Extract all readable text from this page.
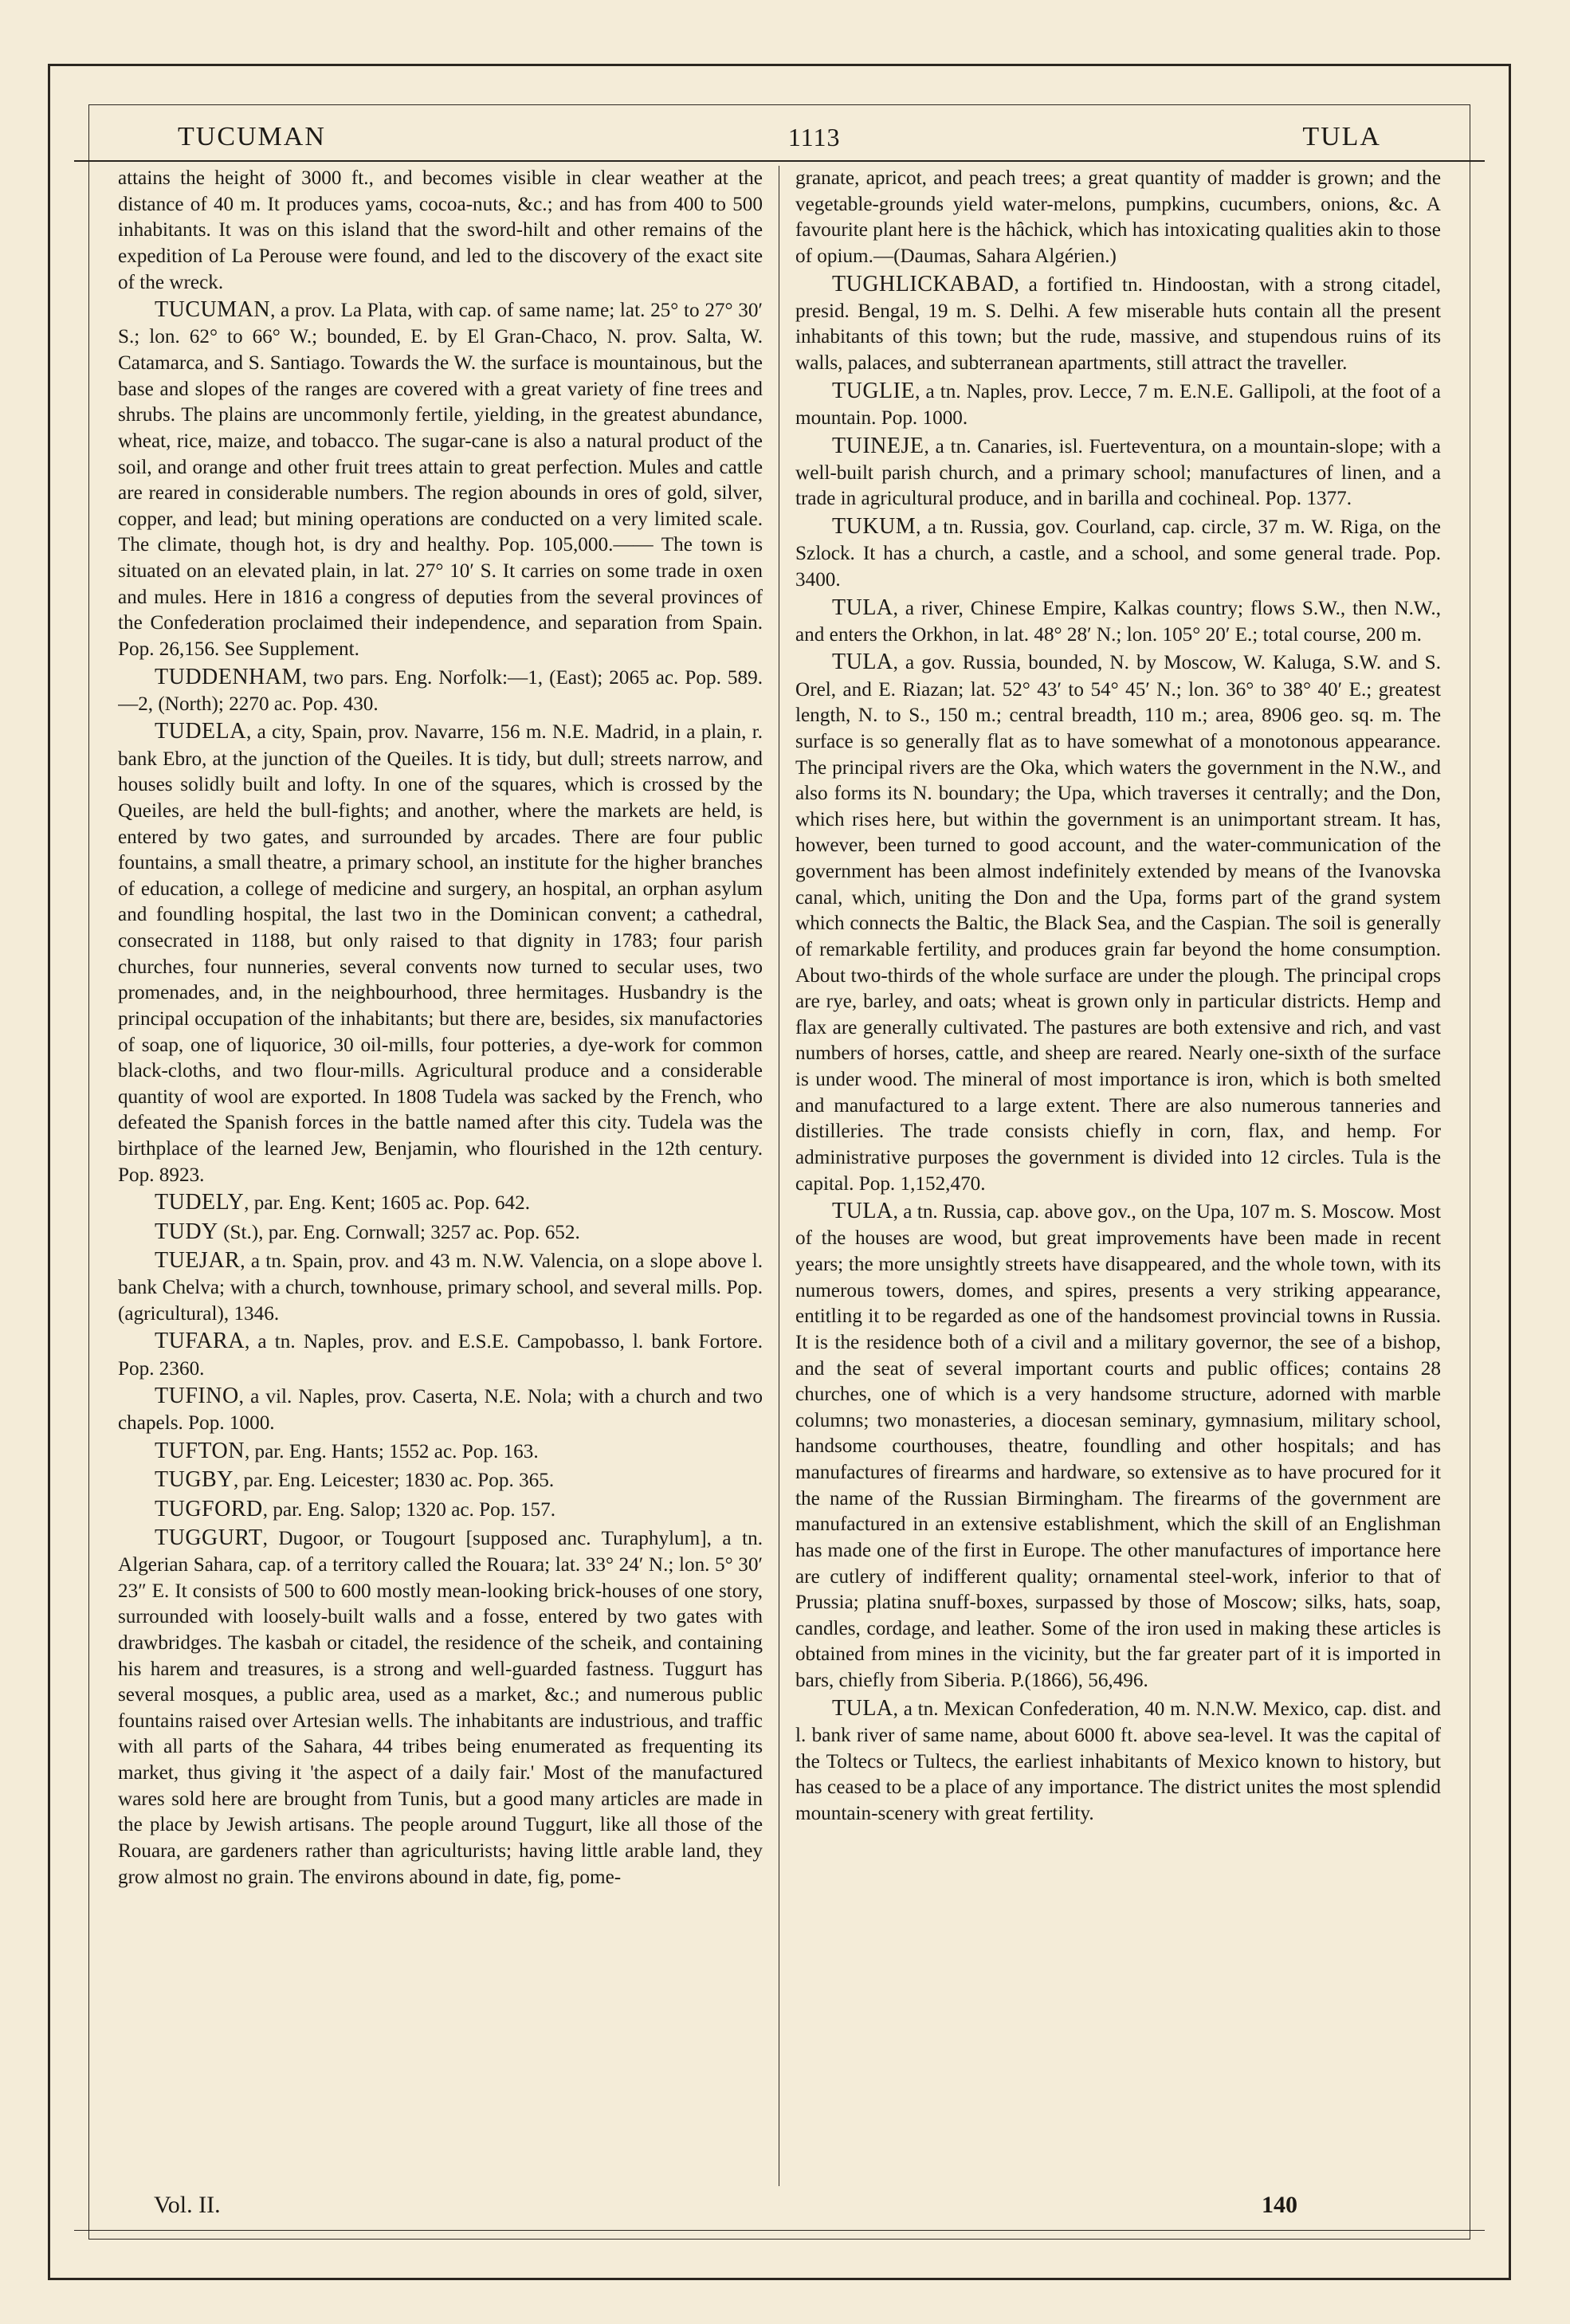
TUCUMAN	1113	TULA

attains the height of 3000 ft., and becomes visible in clear weather at the distance of 40 m. It produces yams, cocoa-nuts, &c.; and has from 400 to 500 inhabitants. It was on this island that the sword-hilt and other remains of the expedition of La Perouse were found, and led to the discovery of the exact site of the wreck.

TUCUMAN, a prov. La Plata, with cap. of same name; lat. 25° to 27° 30′ S.; lon. 62° to 66° W.; bounded, E. by El Gran-Chaco, N. prov. Salta, W. Catamarca, and S. Santiago. Towards the W. the surface is mountainous, but the base and slopes of the ranges are covered with a great variety of fine trees and shrubs. The plains are uncommonly fertile, yielding, in the greatest abundance, wheat, rice, maize, and tobacco. The sugar-cane is also a natural product of the soil, and orange and other fruit trees attain to great perfection. Mules and cattle are reared in considerable numbers. The region abounds in ores of gold, silver, copper, and lead; but mining operations are conducted on a very limited scale. The climate, though hot, is dry and healthy. Pop. 105,000.—— The town is situated on an elevated plain, in lat. 27° 10′ S. It carries on some trade in oxen and mules. Here in 1816 a congress of deputies from the several provinces of the Confederation proclaimed their independence, and separation from Spain. Pop. 26,156. See Supplement.

TUDDENHAM, two pars. Eng. Norfolk:—1, (East); 2065 ac. Pop. 589.—2, (North); 2270 ac. Pop. 430.

TUDELA, a city, Spain, prov. Navarre, 156 m. N.E. Madrid, in a plain, r. bank Ebro, at the junction of the Queiles. It is tidy, but dull; streets narrow, and houses solidly built and lofty. In one of the squares, which is crossed by the Queiles, are held the bull-fights; and another, where the markets are held, is entered by two gates, and surrounded by arcades. There are four public fountains, a small theatre, a primary school, an institute for the higher branches of education, a college of medicine and surgery, an hospital, an orphan asylum and foundling hospital, the last two in the Dominican convent; a cathedral, consecrated in 1188, but only raised to that dignity in 1783; four parish churches, four nunneries, several convents now turned to secular uses, two promenades, and, in the neighbourhood, three hermitages. Husbandry is the principal occupation of the inhabitants; but there are, besides, six manufactories of soap, one of liquorice, 30 oil-mills, four potteries, a dye-work for common black-cloths, and two flour-mills. Agricultural produce and a considerable quantity of wool are exported. In 1808 Tudela was sacked by the French, who defeated the Spanish forces in the battle named after this city. Tudela was the birthplace of the learned Jew, Benjamin, who flourished in the 12th century. Pop. 8923.

TUDELY, par. Eng. Kent; 1605 ac. Pop. 642.

TUDY (St.), par. Eng. Cornwall; 3257 ac. Pop. 652.

TUEJAR, a tn. Spain, prov. and 43 m. N.W. Valencia, on a slope above l. bank Chelva; with a church, townhouse, primary school, and several mills. Pop. (agricultural), 1346.

TUFARA, a tn. Naples, prov. and E.S.E. Campobasso, l. bank Fortore. Pop. 2360.

TUFINO, a vil. Naples, prov. Caserta, N.E. Nola; with a church and two chapels. Pop. 1000.

TUFTON, par. Eng. Hants; 1552 ac. Pop. 163.

TUGBY, par. Eng. Leicester; 1830 ac. Pop. 365.

TUGFORD, par. Eng. Salop; 1320 ac. Pop. 157.

TUGGURT, Dugoor, or Tougourt [supposed anc. Turaphylum], a tn. Algerian Sahara, cap. of a territory called the Rouara; lat. 33° 24′ N.; lon. 5° 30′ 23″ E. It consists of 500 to 600 mostly mean-looking brick-houses of one story, surrounded with loosely-built walls and a fosse, entered by two gates with drawbridges. The kasbah or citadel, the residence of the scheik, and containing his harem and treasures, is a strong and well-guarded fastness. Tuggurt has several mosques, a public area, used as a market, &c.; and numerous public fountains raised over Artesian wells. The inhabitants are industrious, and traffic with all parts of the Sahara, 44 tribes being enumerated as frequenting its market, thus giving it 'the aspect of a daily fair.' Most of the manufactured wares sold here are brought from Tunis, but a good many articles are made in the place by Jewish artisans. The people around Tuggurt, like all those of the Rouara, are gardeners rather than agriculturists; having little arable land, they grow almost no grain. The environs abound in date, fig, pome-

granate, apricot, and peach trees; a great quantity of madder is grown; and the vegetable-grounds yield water-melons, pumpkins, cucumbers, onions, &c. A favourite plant here is the hâchick, which has intoxicating qualities akin to those of opium.—(Daumas, Sahara Algérien.)

TUGHLICKABAD, a fortified tn. Hindoostan, with a strong citadel, presid. Bengal, 19 m. S. Delhi. A few miserable huts contain all the present inhabitants of this town; but the rude, massive, and stupendous ruins of its walls, palaces, and subterranean apartments, still attract the traveller.

TUGLIE, a tn. Naples, prov. Lecce, 7 m. E.N.E. Gallipoli, at the foot of a mountain. Pop. 1000.

TUINEJE, a tn. Canaries, isl. Fuerteventura, on a mountain-slope; with a well-built parish church, and a primary school; manufactures of linen, and a trade in agricultural produce, and in barilla and cochineal. Pop. 1377.

TUKUM, a tn. Russia, gov. Courland, cap. circle, 37 m. W. Riga, on the Szlock. It has a church, a castle, and a school, and some general trade. Pop. 3400.

TULA, a river, Chinese Empire, Kalkas country; flows S.W., then N.W., and enters the Orkhon, in lat. 48° 28′ N.; lon. 105° 20′ E.; total course, 200 m.

TULA, a gov. Russia, bounded, N. by Moscow, W. Kaluga, S.W. and S. Orel, and E. Riazan; lat. 52° 43′ to 54° 45′ N.; lon. 36° to 38° 40′ E.; greatest length, N. to S., 150 m.; central breadth, 110 m.; area, 8906 geo. sq. m. The surface is so generally flat as to have somewhat of a monotonous appearance. The principal rivers are the Oka, which waters the government in the N.W., and also forms its N. boundary; the Upa, which traverses it centrally; and the Don, which rises here, but within the government is an unimportant stream. It has, however, been turned to good account, and the water-communication of the government has been almost indefinitely extended by means of the Ivanovska canal, which, uniting the Don and the Upa, forms part of the grand system which connects the Baltic, the Black Sea, and the Caspian. The soil is generally of remarkable fertility, and produces grain far beyond the home consumption. About two-thirds of the whole surface are under the plough. The principal crops are rye, barley, and oats; wheat is grown only in particular districts. Hemp and flax are generally cultivated. The pastures are both extensive and rich, and vast numbers of horses, cattle, and sheep are reared. Nearly one-sixth of the surface is under wood. The mineral of most importance is iron, which is both smelted and manufactured to a large extent. There are also numerous tanneries and distilleries. The trade consists chiefly in corn, flax, and hemp. For administrative purposes the government is divided into 12 circles. Tula is the capital. Pop. 1,152,470.

TULA, a tn. Russia, cap. above gov., on the Upa, 107 m. S. Moscow. Most of the houses are wood, but great improvements have been made in recent years; the more unsightly streets have disappeared, and the whole town, with its numerous towers, domes, and spires, presents a very striking appearance, entitling it to be regarded as one of the handsomest provincial towns in Russia. It is the residence both of a civil and a military governor, the see of a bishop, and the seat of several important courts and public offices; contains 28 churches, one of which is a very handsome structure, adorned with marble columns; two monasteries, a diocesan seminary, gymnasium, military school, handsome courthouses, theatre, foundling and other hospitals; and has manufactures of firearms and hardware, so extensive as to have procured for it the name of the Russian Birmingham. The firearms of the government are manufactured in an extensive establishment, which the skill of an Englishman has made one of the first in Europe. The other manufactures of importance here are cutlery of indifferent quality; ornamental steel-work, inferior to that of Prussia; platina snuff-boxes, surpassed by those of Moscow; silks, hats, soap, candles, cordage, and leather. Some of the iron used in making these articles is obtained from mines in the vicinity, but the far greater part of it is imported in bars, chiefly from Siberia. P.(1866), 56,496.

TULA, a tn. Mexican Confederation, 40 m. N.N.W. Mexico, cap. dist. and l. bank river of same name, about 6000 ft. above sea-level. It was the capital of the Toltecs or Tultecs, the earliest inhabitants of Mexico known to history, but has ceased to be a place of any importance. The district unites the most splendid mountain-scenery with great fertility.

Vol. II.	140
